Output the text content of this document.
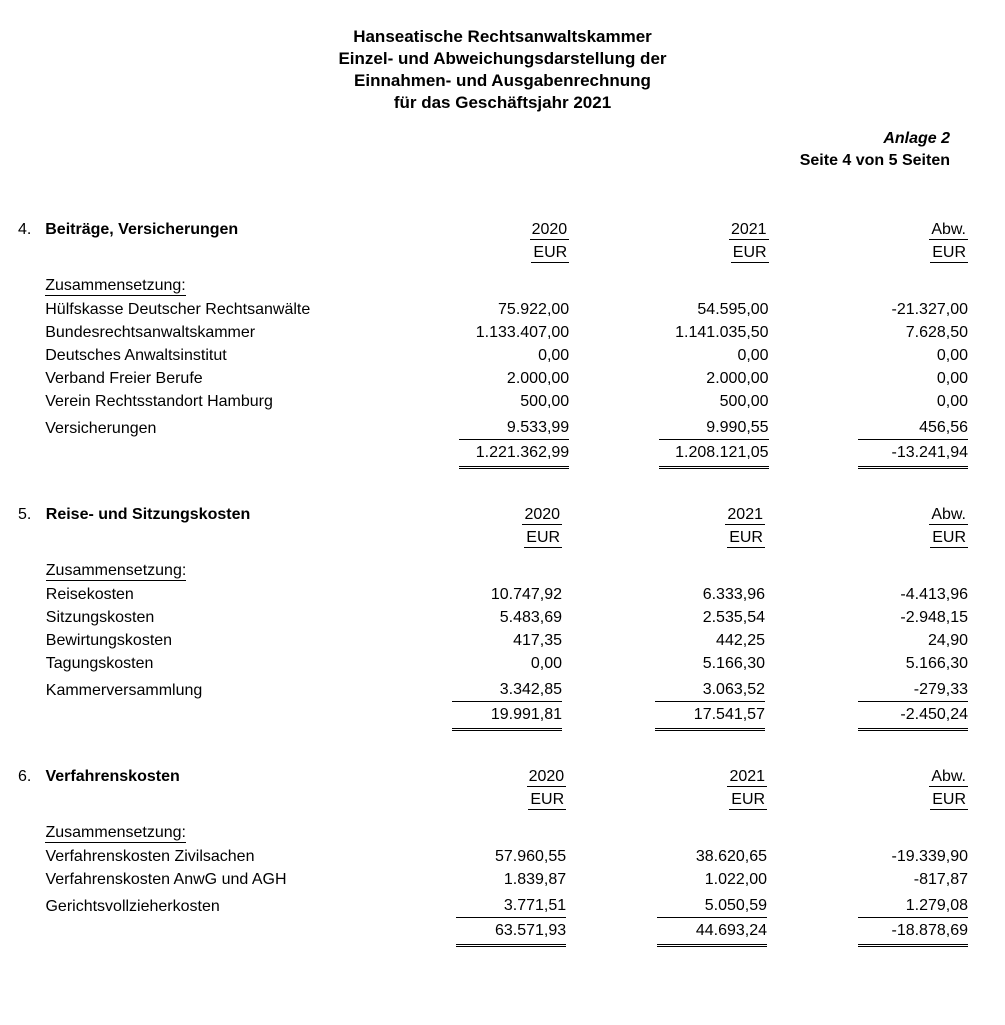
Hanseatische Rechtsanwaltskammer
Einzel- und Abweichungsdarstellung der
Einnahmen- und Ausgabenrechnung
für das Geschäftsjahr 2021
Anlage 2
Seite 4 von 5 Seiten
4.	Beiträge, Versicherungen	2020		2021		Abw.
		EUR		EUR		EUR
	Zusammensetzung:					
	Hülfskasse Deutscher Rechtsanwälte	75.922,00		54.595,00		-21.327,00
	Bundesrechtsanwaltskammer	1.133.407,00		1.141.035,50		7.628,50
	Deutsches Anwaltsinstitut	0,00		0,00		0,00
	Verband Freier Berufe	2.000,00		2.000,00		0,00
	Verein Rechtsstandort Hamburg	500,00		500,00		0,00
	Versicherungen	9.533,99		9.990,55		456,56
		1.221.362,99		1.208.121,05		-13.241,94
5.	Reise- und Sitzungskosten	2020		2021		Abw.
		EUR		EUR		EUR
	Zusammensetzung:					
	Reisekosten	10.747,92		6.333,96		-4.413,96
	Sitzungskosten	5.483,69		2.535,54		-2.948,15
	Bewirtungskosten	417,35		442,25		24,90
	Tagungskosten	0,00		5.166,30		5.166,30
	Kammerversammlung	3.342,85		3.063,52		-279,33
		19.991,81		17.541,57		-2.450,24
6.	Verfahrenskosten	2020		2021		Abw.
		EUR		EUR		EUR
	Zusammensetzung:					
	Verfahrenskosten Zivilsachen	57.960,55		38.620,65		-19.339,90
	Verfahrenskosten AnwG und AGH	1.839,87		1.022,00		-817,87
	Gerichtsvollzieherkosten	3.771,51		5.050,59		1.279,08
		63.571,93		44.693,24		-18.878,69
